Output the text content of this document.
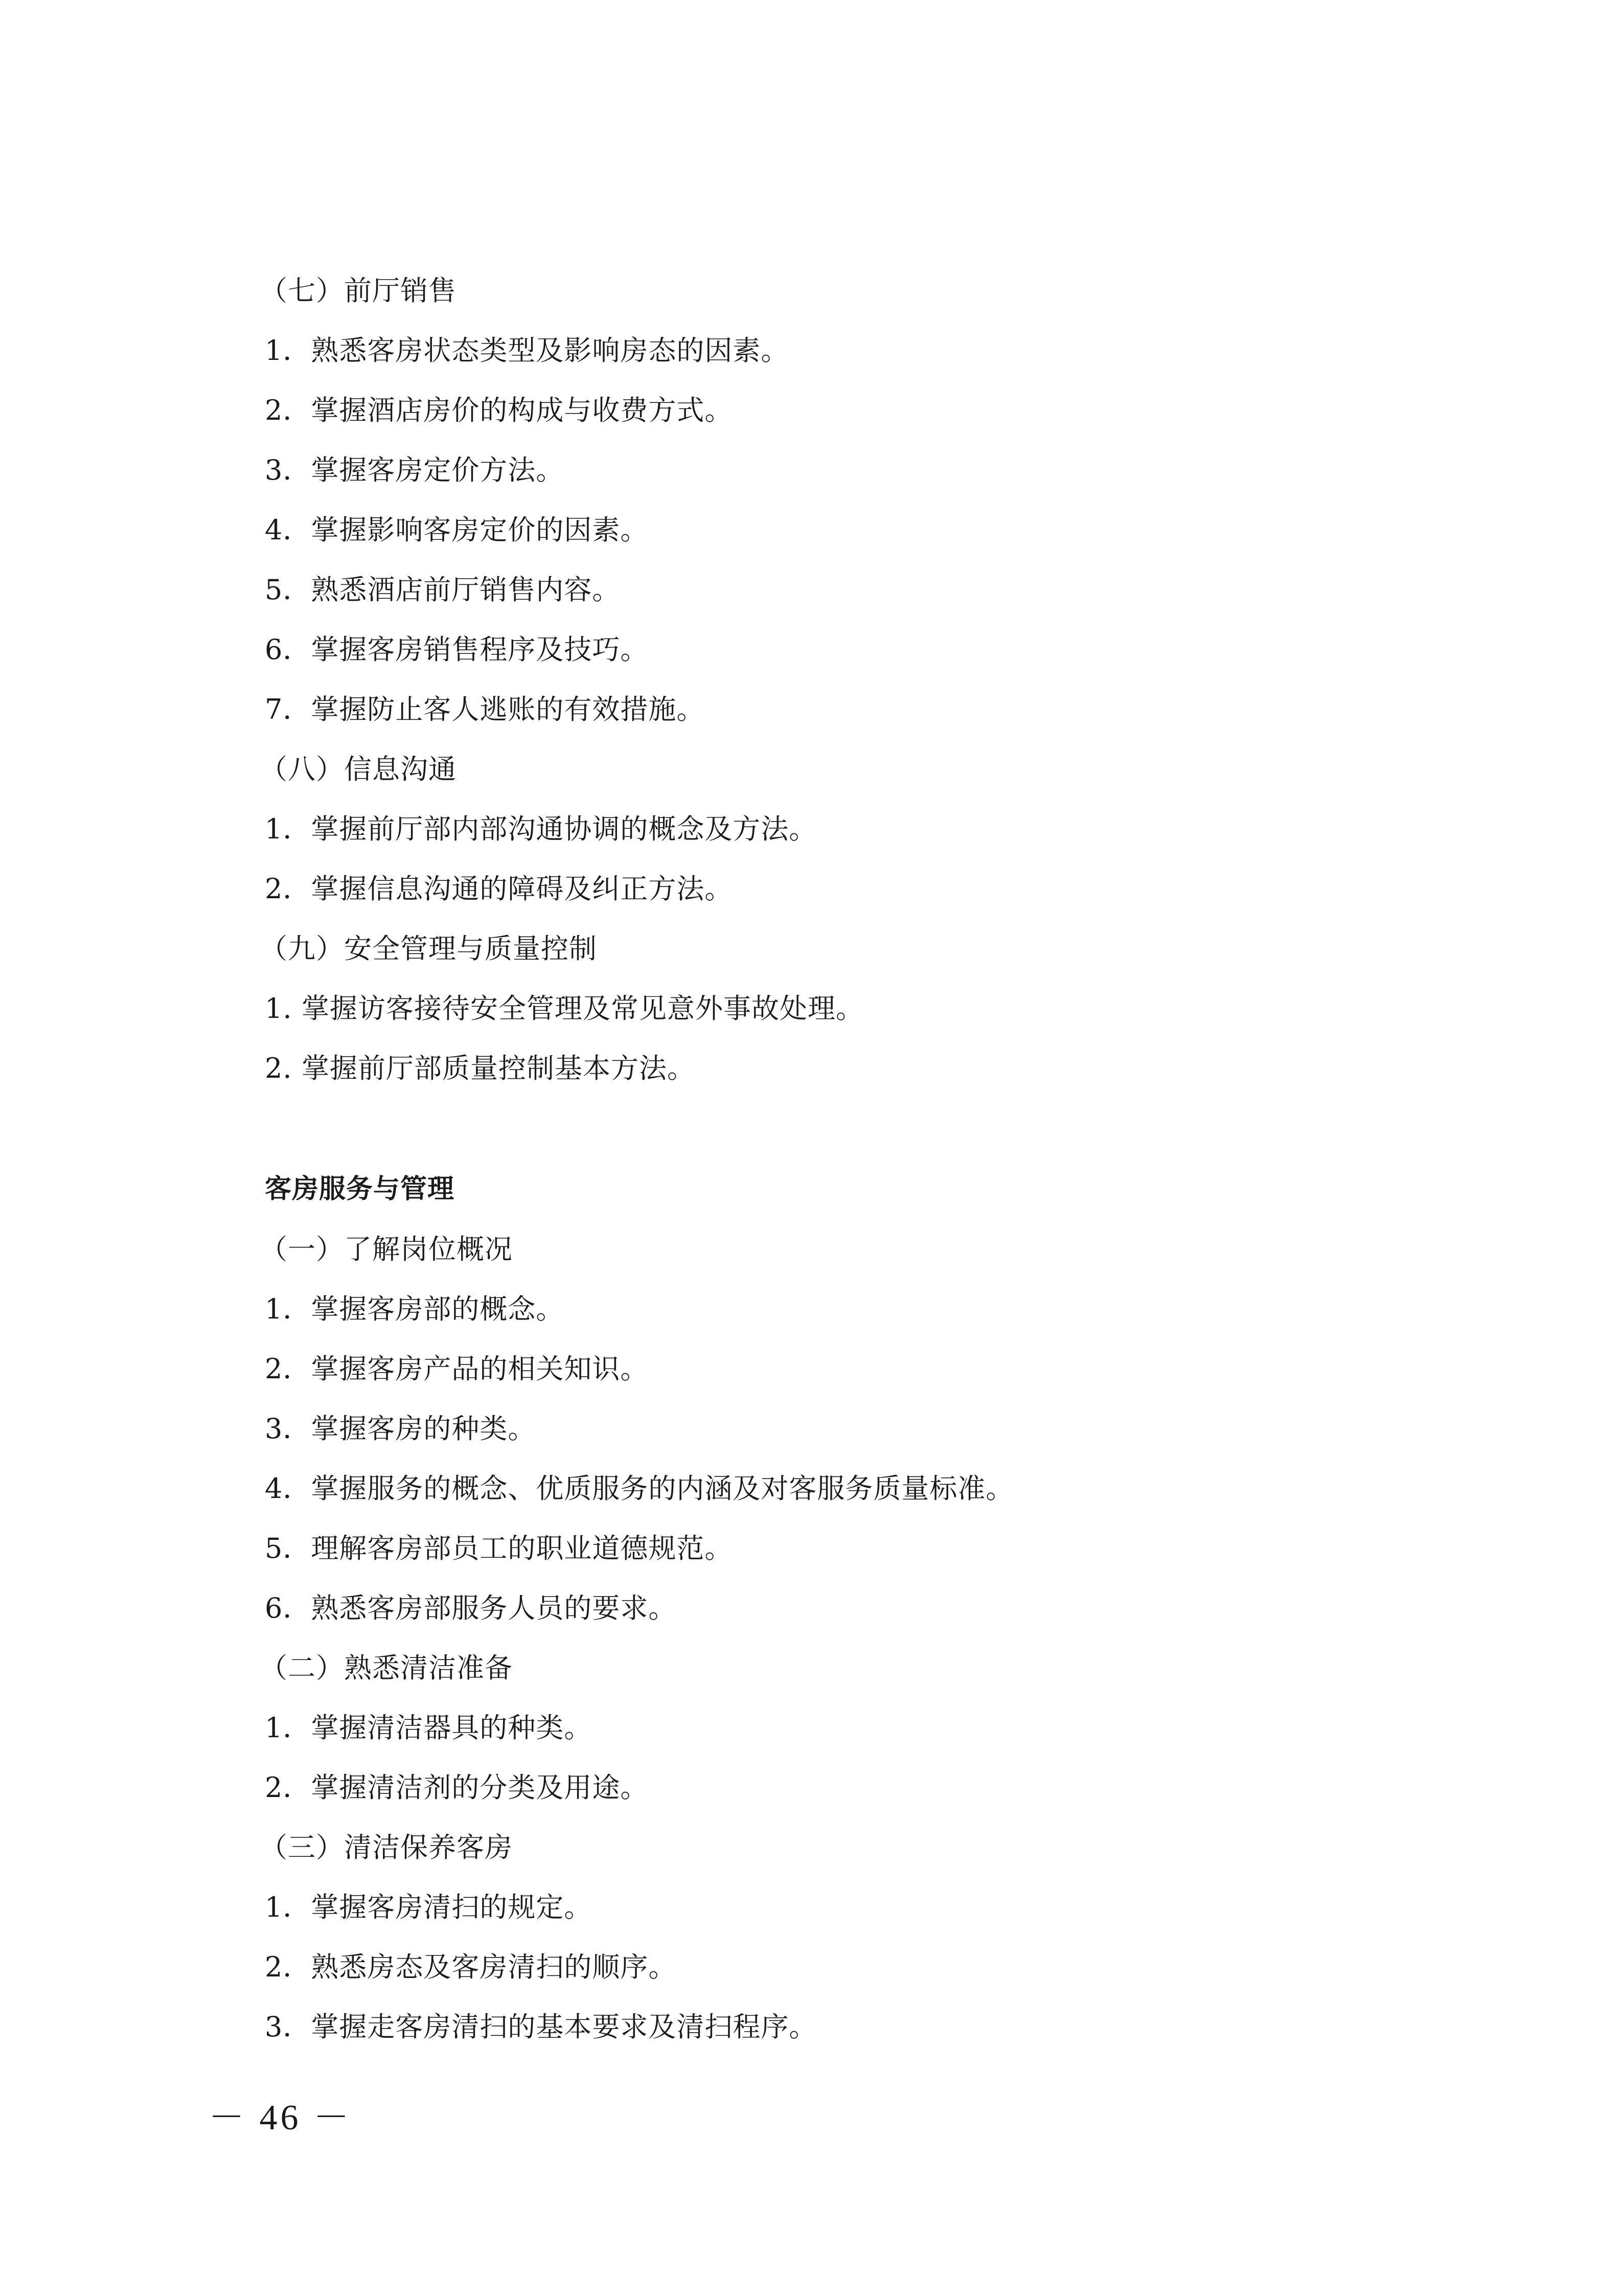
（七）前厅销售
1．熟悉客房状态类型及影响房态的因素。
2．掌握酒店房价的构成与收费方式。
3．掌握客房定价方法。
4．掌握影响客房定价的因素。
5．熟悉酒店前厅销售内容。
6．掌握客房销售程序及技巧。
7．掌握防止客人逃账的有效措施。
（八）信息沟通
1．掌握前厅部内部沟通协调的概念及方法。
2．掌握信息沟通的障碍及纠正方法。
（九）安全管理与质量控制
1. 掌握访客接待安全管理及常见意外事故处理。
2. 掌握前厅部质量控制基本方法。
客房服务与管理
（一）了解岗位概况
1．掌握客房部的概念。
2．掌握客房产品的相关知识。
3．掌握客房的种类。
4．掌握服务的概念、优质服务的内涵及对客服务质量标准。
5．理解客房部员工的职业道德规范。
6．熟悉客房部服务人员的要求。
（二）熟悉清洁准备
1．掌握清洁器具的种类。
2．掌握清洁剂的分类及用途。
（三）清洁保养客房
1．掌握客房清扫的规定。
2．熟悉房态及客房清扫的顺序。
3．掌握走客房清扫的基本要求及清扫程序。
－ 46 －
